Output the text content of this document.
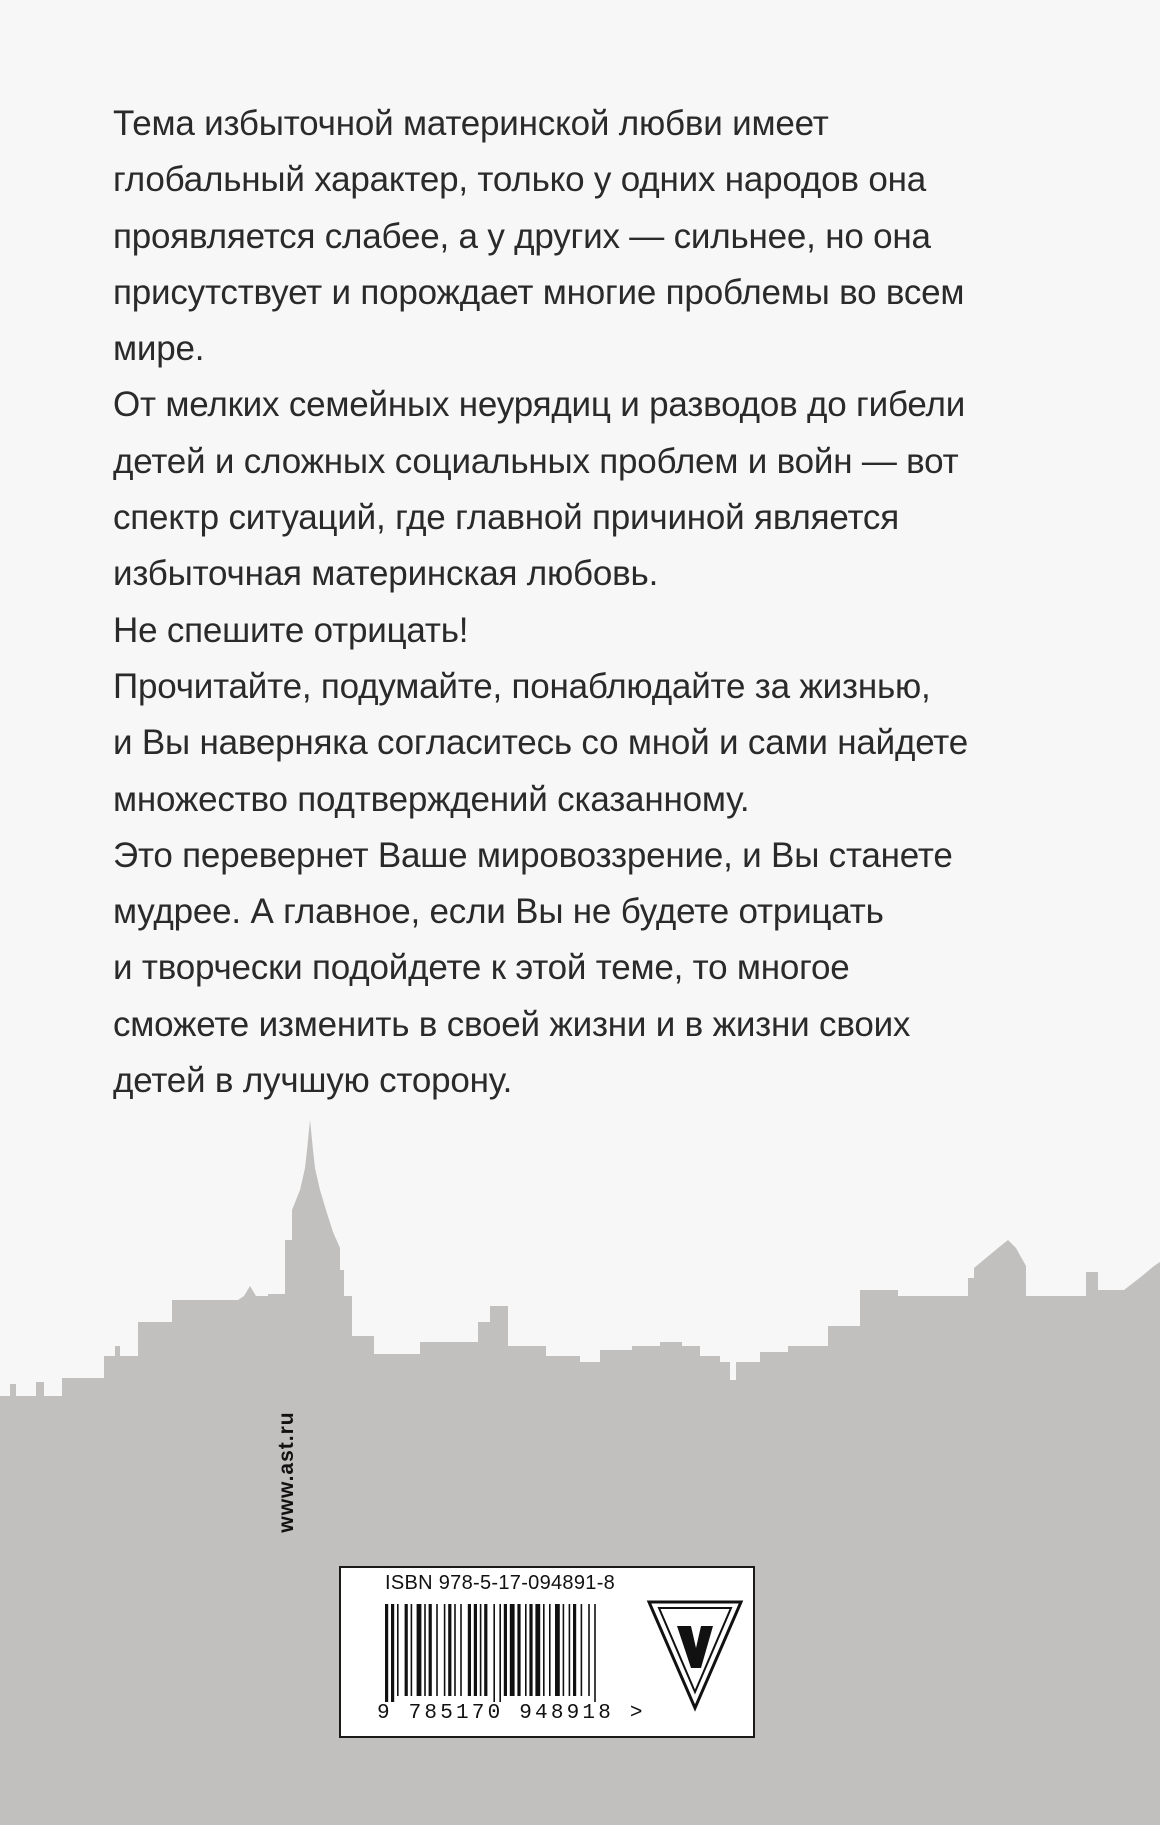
Тема избыточной материнской любви имеет
глобальный характер, только у одних народов она
проявляется слабее, а у других — сильнее, но она
присутствует и порождает многие проблемы во всем
мире.

От мелких семейных неурядиц и разводов до гибели
детей и сложных социальных проблем и войн — вот
спектр ситуаций, где главной причиной является
избыточная материнская любовь.

Не спешите отрицать!

Прочитайте, подумайте, понаблюдайте за жизнью,
и Вы наверняка согласитесь со мной и сами найдете
множество подтверждений сказанному.

Это перевернет Ваше мировоззрение, и Вы станете
мудрее. А главное, если Вы не будете отрицать
и творчески подойдете к этой теме, то многое
сможете изменить в своей жизни и в жизни своих
детей в лучшую сторону.

www.ast.ru
ISBN 978-5-17-094891-8
9 785170 948918 >
